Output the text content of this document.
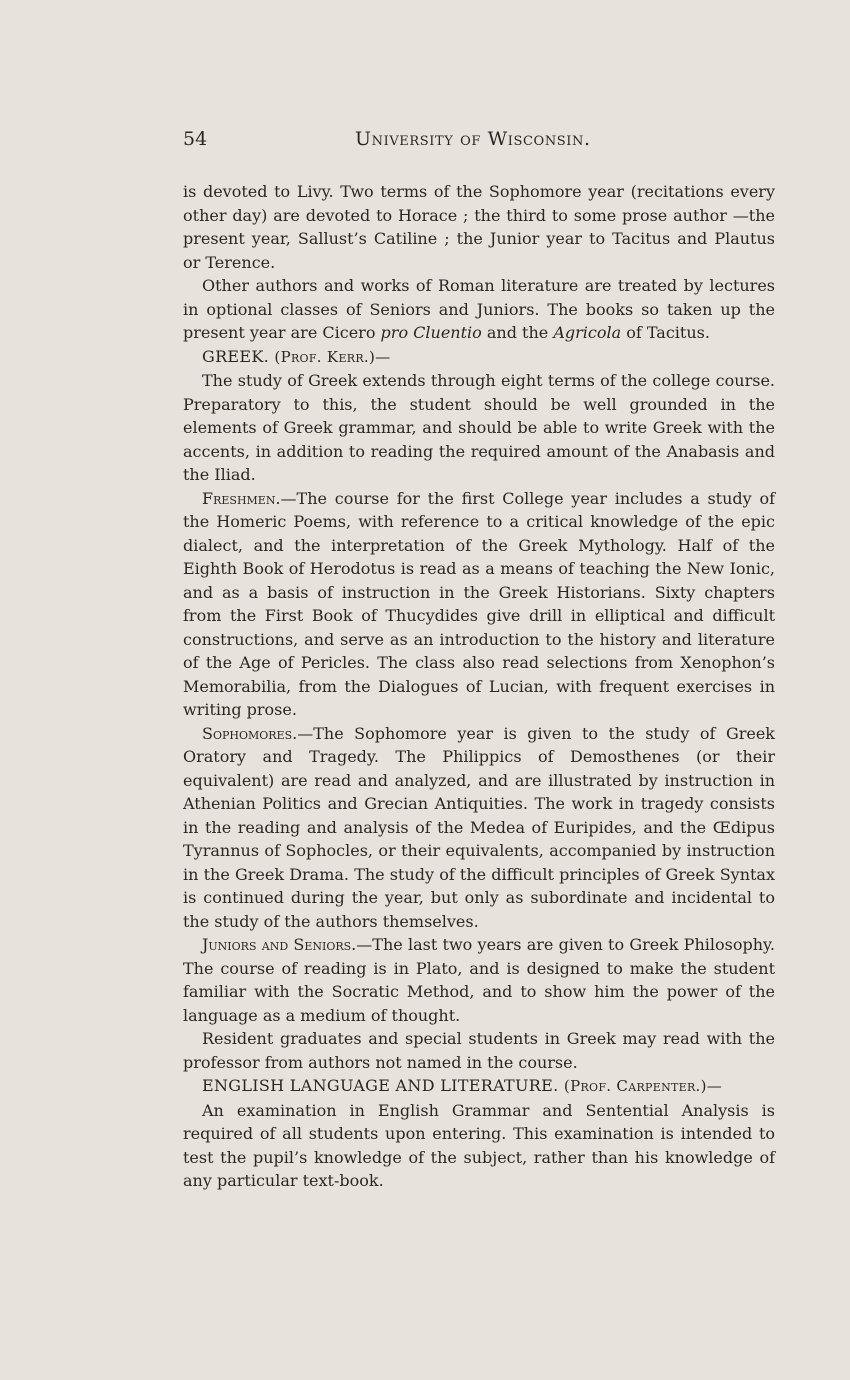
54	University of Wisconsin.

is devoted to Livy. Two terms of the Sophomore year (recitations every other day) are devoted to Horace ; the third to some prose author —the present year, Sallust’s Catiline ; the Junior year to Tacitus and Plautus or Terence.

Other authors and works of Roman literature are treated by lectures in optional classes of Seniors and Juniors. The books so taken up the present year are Cicero pro Cluentio and the Agricola of Tacitus.

GREEK. (Prof. Kerr.)—

The study of Greek extends through eight terms of the college course. Preparatory to this, the student should be well grounded in the elements of Greek grammar, and should be able to write Greek with the accents, in addition to reading the required amount of the Anabasis and the Iliad.

Freshmen.—The course for the first College year includes a study of the Homeric Poems, with reference to a critical knowledge of the epic dialect, and the interpretation of the Greek Mythology. Half of the Eighth Book of Herodotus is read as a means of teaching the New Ionic, and as a basis of instruction in the Greek Historians. Sixty chapters from the First Book of Thucydides give drill in elliptical and difficult constructions, and serve as an introduction to the history and literature of the Age of Pericles. The class also read selections from Xenophon’s Memorabilia, from the Dialogues of Lucian, with frequent exercises in writing prose.

Sophomores.—The Sophomore year is given to the study of Greek Oratory and Tragedy. The Philippics of Demosthenes (or their equivalent) are read and analyzed, and are illustrated by instruction in Athenian Politics and Grecian Antiquities. The work in tragedy consists in the reading and analysis of the Medea of Euripides, and the Œdipus Tyrannus of Sophocles, or their equivalents, accompanied by instruction in the Greek Drama. The study of the difficult principles of Greek Syntax is continued during the year, but only as subordinate and incidental to the study of the authors themselves.

Juniors and Seniors.—The last two years are given to Greek Philosophy. The course of reading is in Plato, and is designed to make the student familiar with the Socratic Method, and to show him the power of the language as a medium of thought.

Resident graduates and special students in Greek may read with the professor from authors not named in the course.

ENGLISH LANGUAGE AND LITERATURE. (Prof. Carpenter.)—

An examination in English Grammar and Sentential Analysis is required of all students upon entering. This examination is intended to test the pupil’s knowledge of the subject, rather than his knowledge of any particular text-book.
